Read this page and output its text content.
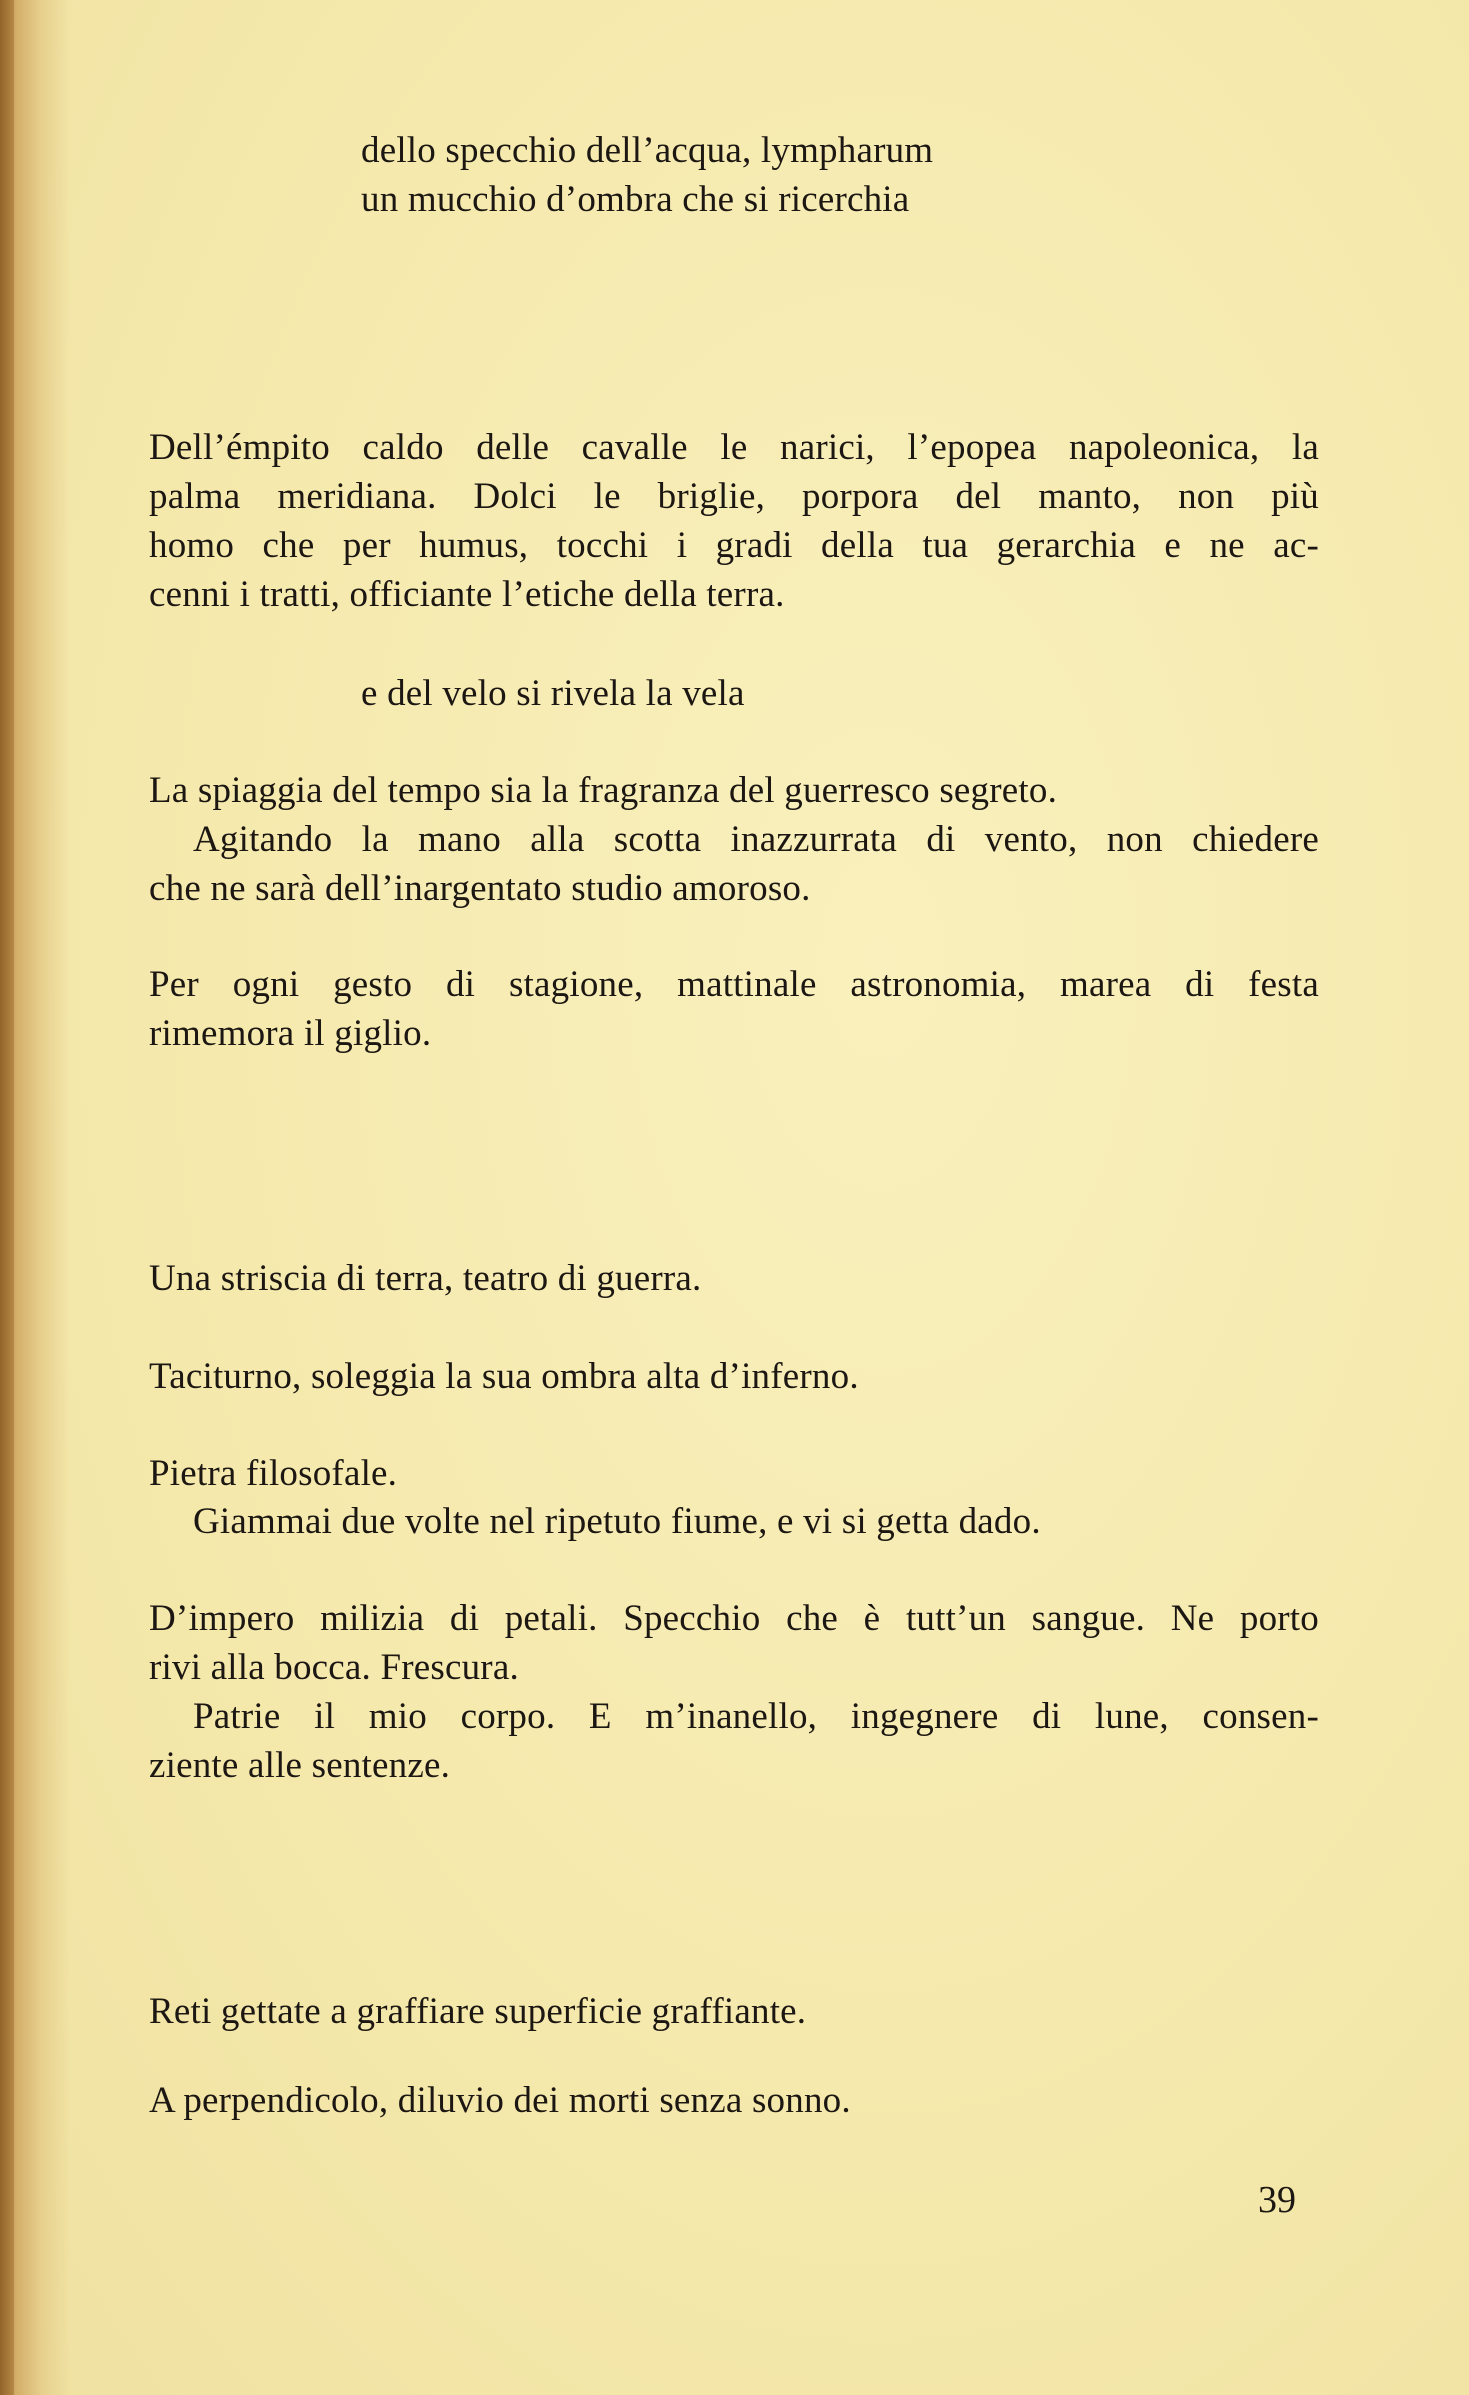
dello specchio dell’acqua, lympharum
un mucchio d’ombra che si ricerchia
Dell’émpito caldo delle cavalle le narici, l’epopea napoleonica, la
palma meridiana. Dolci le briglie, porpora del manto, non più
homo che per humus, tocchi i gradi della tua gerarchia e ne ac-
cenni i tratti, officiante l’etiche della terra.
e del velo si rivela la vela
La spiaggia del tempo sia la fragranza del guerresco segreto.
Agitando la mano alla scotta inazzurrata di vento, non chiedere
che ne sarà dell’inargentato studio amoroso.
Per ogni gesto di stagione, mattinale astronomia, marea di festa
rimemora il giglio.
Una striscia di terra, teatro di guerra.
Taciturno, soleggia la sua ombra alta d’inferno.
Pietra filosofale.
Giammai due volte nel ripetuto fiume, e vi si getta dado.
D’impero milizia di petali. Specchio che è tutt’un sangue. Ne porto
rivi alla bocca. Frescura.
Patrie il mio corpo. E m’inanello, ingegnere di lune, consen-
ziente alle sentenze.
Reti gettate a graffiare superficie graffiante.
A perpendicolo, diluvio dei morti senza sonno.
39
